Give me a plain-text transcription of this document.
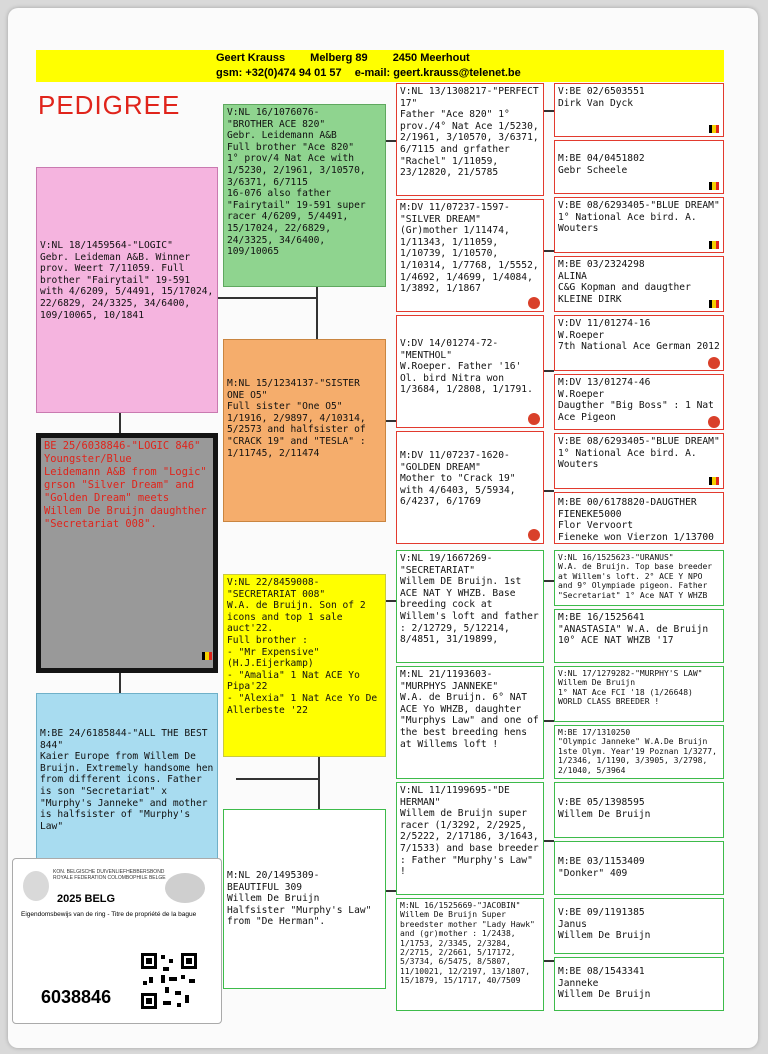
Geert Krauss Melberg 89 2450 Meerhout
gsm: +32(0)474 94 01 57 e-mail: geert.krauss@telenet.be
PEDIGREE
V:NL 18/1459564-"LOGIC"
Gebr. Leideman A&B. Winner prov. Weert 7/11059. Full brother "Fairytail" 19-591 with 4/6209, 5/4491, 15/17024, 22/6829, 24/3325, 34/6400, 109/10065, 10/1841
BE 25/6038846-"LOGIC 846"
Youngster/Blue
Leidemann A&B from "Logic" grson "Silver Dream" and "Golden Dream" meets Willem De Bruijn daughther "Secretariat 008".
M:BE 24/6185844-"ALL THE BEST 844"
Kaier Europe from Willem De Bruijn. Extremely handsome hen from different icons. Father is son "Secretariat" x "Murphy's Janneke" and mother is halfsister of "Murphy's Law"
V:NL 16/1076076-
"BROTHER ACE 820"
Gebr. Leidemann A&B
Full brother "Ace 820"
1° prov/4 Nat Ace with 1/5230, 2/1961, 3/10570, 3/6371, 6/7115
16-076 also father "Fairytail" 19-591 super racer 4/6209, 5/4491, 15/17024, 22/6829, 24/3325, 34/6400, 109/10065
M:NL 15/1234137-"SISTER ONE O5"
Full sister "One O5" 1/1916, 2/9897, 4/10314, 5/2573 and halfsister of "CRACK 19" and "TESLA" : 1/11745, 2/11474
V:NL 22/8459008-
"SECRETARIAT 008"
W.A. de Bruijn. Son of 2 icons and top 1 sale auct'22.
Full brother :
- "Mr Expensive" (H.J.Eijerkamp)
- "Amalia" 1 Nat ACE Yo Pipa'22
- "Alexia" 1 Nat Ace Yo De Allerbeste '22
M:NL 20/1495309-
BEAUTIFUL 309
Willem De Bruijn
Halfsister "Murphy's Law" from "De Herman".
V:NL 13/1308217-"PERFECT 17"
Father "Ace 820" 1° prov./4° Nat Ace 1/5230, 2/1961, 3/10570, 3/6371, 6/7115 and grfather "Rachel" 1/11059, 23/12820, 21/5785
M:DV 11/07237-1597-
"SILVER DREAM"
(Gr)mother 1/11474, 1/11343, 1/11059, 1/10739, 1/10570, 1/10314, 1/7768, 1/5552, 1/4692, 1/4699, 1/4084, 1/3892, 1/1867
V:DV 14/01274-72-
"MENTHOL"
W.Roeper. Father '16' Ol. bird Nitra won 1/3684, 1/2808, 1/1791.
M:DV 11/07237-1620-
"GOLDEN DREAM"
Mother to "Crack 19" with 4/6403, 5/5934, 6/4237, 6/1769
V:NL 19/1667269-
"SECRETARIAT"
Willem DE Bruijn. 1st ACE NAT Y WHZB. Base breeding cock at Willem's loft and father : 2/12729, 5/12214, 8/4851, 31/19899,
M:NL 21/1193603-
"MURPHYS JANNEKE"
W.A. de Bruijn. 6° NAT ACE Yo WHZB, daughter "Murphys Law" and one of the best breeding hens at Willems loft !
V:NL 11/1199695-"DE HERMAN"
Willem de Bruijn super racer (1/3292, 2/2925, 2/5222, 2/17186, 3/1643, 7/1533) and base breeder : Father "Murphy's Law" !
M:NL 16/1525669-"JACOBIN"
Willem De Bruijn Super breedster mother "Lady Hawk" and (gr)mother : 1/2438, 1/1753, 2/3345, 2/3284, 2/2715, 2/2661, 5/17172, 5/3734, 6/5475, 8/5807, 11/10021, 12/2197, 13/1807, 15/1879, 15/1717, 40/7509
V:BE 02/6503551
Dirk Van Dyck
M:BE 04/0451802
Gebr Scheele
V:BE 08/6293405-"BLUE DREAM"
1° National Ace bird. A. Wouters
M:BE 03/2324298
ALINA
C&G Kopman and daugther KLEINE DIRK
V:DV 11/01274-16
W.Roeper
7th National Ace German 2012
M:DV 13/01274-46
W.Roeper
Daugther "Big Boss" : 1 Nat Ace Pigeon
V:BE 08/6293405-"BLUE DREAM"
1° National Ace bird. A. Wouters
M:BE 00/6178820-DAUGTHER FIENEKE5000
Flor Vervoort
Fieneke won Vierzon 1/13700
V:NL 16/1525623-"URANUS"
W.A. de Bruijn. Top base breeder at Willem's loft. 2° ACE Y NPO and 9° Olympiade pigeon. Father "Secretariat" 1° Ace NAT Y WHZB
M:BE 16/1525641
"ANASTASIA" W.A. de Bruijn 10° ACE NAT WHZB '17
V:NL 17/1279282-"MURPHY'S LAW"
Willem De Bruijn
1° NAT Ace FCI '18 (1/26648)
WORLD CLASS BREEDER !
M:BE 17/1310250
"Olympic Janneke" W.A.De Bruijn 1ste Olym. Year'19 Poznan 1/3277, 1/2346, 1/1190, 3/3905, 3/2798, 2/1040, 5/3964
V:BE 05/1398595
Willem De Bruijn
M:BE 03/1153409
"Donker" 409
V:BE 09/1191385
Janus
Willem De Bruijn
M:BE 08/1543341
Janneke
Willem De Bruijn
KON. BELGISCHE DUIVENLIEFHEBBERSBOND
ROYALE FEDERATION COLOMBOPHILE BELGE
2025 BELG
Eigendomsbewijs van de ring - Titre de propriété de la bague
6038846
